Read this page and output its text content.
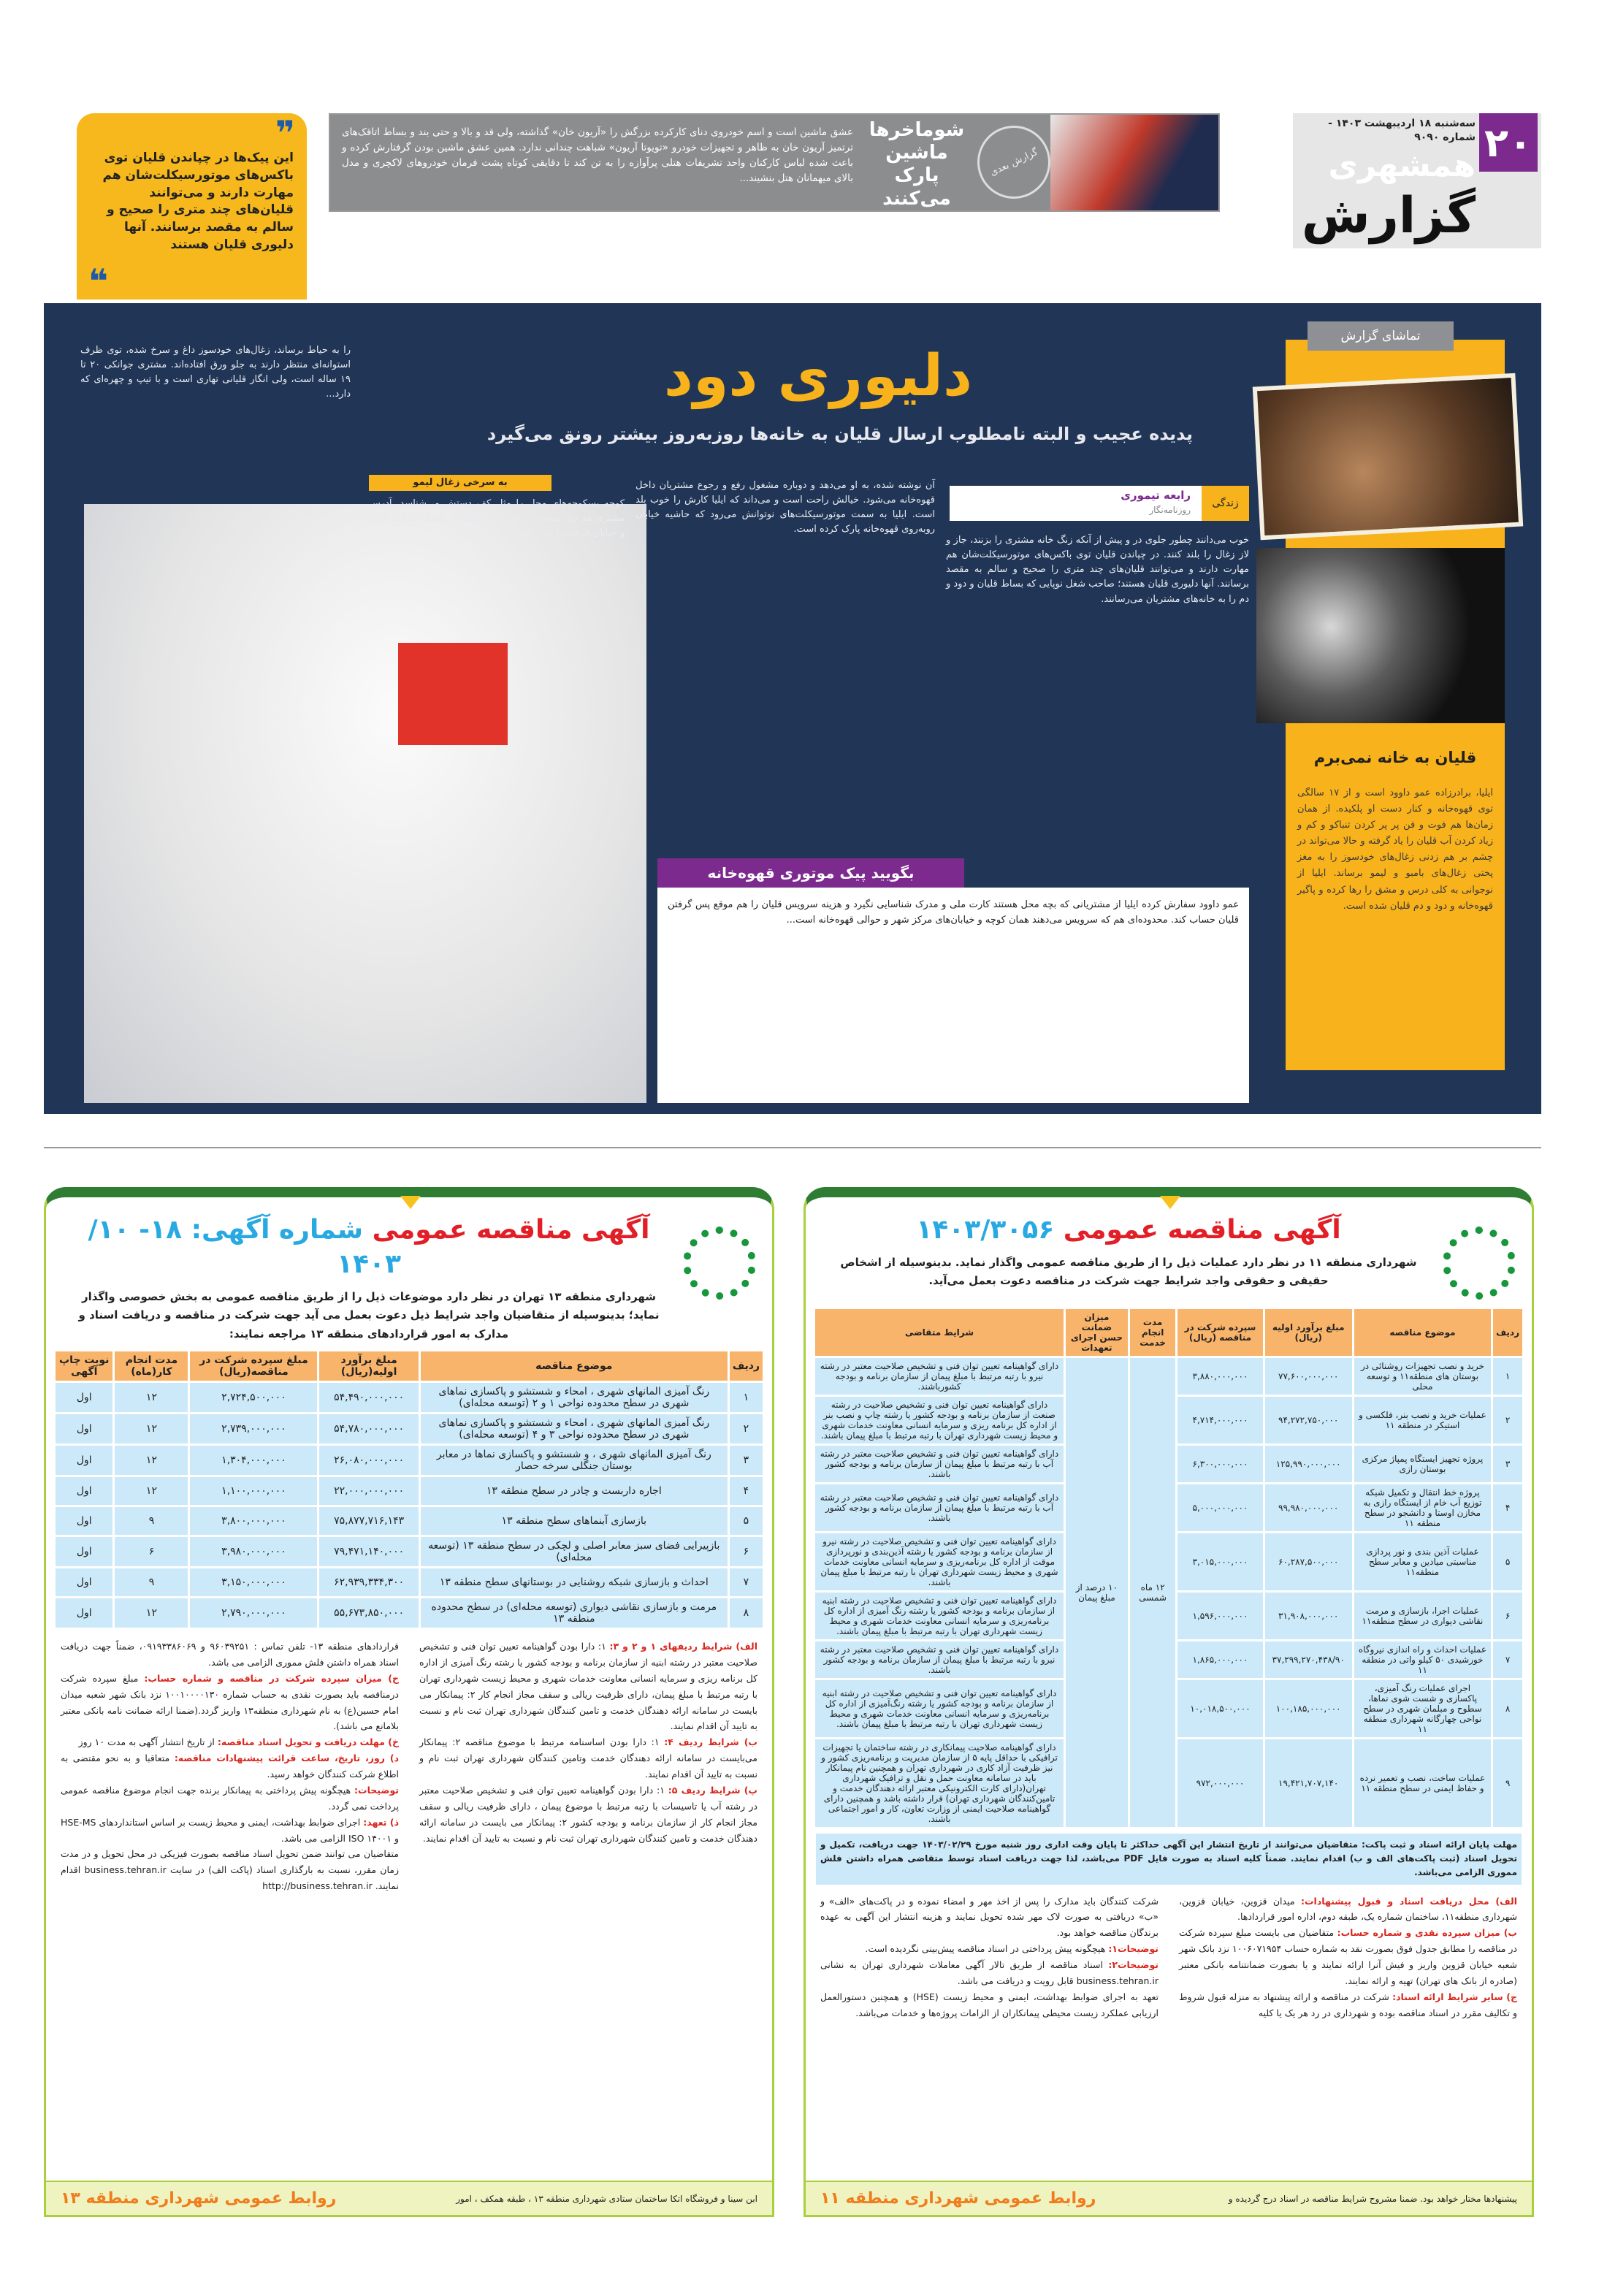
گزارش بعدی
شوماخرها ماشین پارک می‌کنند

عشق ماشین است و اسم خودروی دنای کارکرده بزرگش را «آریون خان» گذاشته، ولی قد و بالا و حتی بند و بساط اتاقک‌های ترتمیز آریون خان به ظاهر و تجهیزات خودرو «تویوتا آریون» شباهت چندانی ندارد. همین عشق ماشین بودن گرفتارش کرده و باعث شده لباس کارکنان واحد تشریفات هتلی پرآوازه را به تن کند تا دقایقی کوتاه پشت فرمان خودروهای لاکچری و مدل بالای میهمانان هتل بنشیند...

۲۰
سه‌شنبه ۱۸ اردیبهشت ۱۴۰۳ - شماره ۹۰۹۰
همشهری
گزارش
❞

این پیک‌ها در چپاندن قلیان توی باکس‌های موتورسیکلت‌شان هم مهارت دارند و می‌توانند قلیان‌های چند متری را صحیح و سالم به مقصد برسانند. آنها دلیوری قلیان هستند

❝
دلیوری دود
پدیده عجیب و البته نامطلوب ارسال قلیان به خانه‌ها روزبه‌روز بیشتر رونق می‌گیرد
قلیان به خانه نمی‌برم

ایلیا، برادرزاده عمو داوود است و از ۱۷ سالگی توی قهوه‌خانه و کنار دست او پلکیده. از همان زمان‌ها هم فوت و فن پر پر کردن تنباکو و کم و زیاد کردن آب قلیان را یاد گرفته و حالا می‌تواند در چشم بر هم زدنی زغال‌های خودسوز را به مغز پختی زغال‌های بامبو و لیمو برساند. ایلیا از نوجوانی به کلی درس و مشق را رها کرده و پاگیر قهوه‌خانه و دود و دم قلیان شده است.

تماشای گزارش
زندگی
رابعه تیموری
روزنامه‌نگار
خوب می‌دانند چطور جلوی در و پیش از آنکه زنگ خانه مشتری را بزنند، جاز و لاز زغال را بلند کنند. در چپاندن قلیان توی باکس‌های موتورسیکلت‌شان هم مهارت دارند و می‌توانند قلیان‌های چند متری را صحیح و سالم به مقصد برسانند. آنها دلیوری قلیان هستند؛ صاحب شغل نوپایی که بساط قلیان و دود و دم را به خانه‌های مشتریان می‌رسانند.
آن نوشته شده، به او می‌دهد و دوباره مشغول رفع و رجوع مشتریان داخل قهوه‌خانه می‌شود. خیالش راحت است و می‌داند که ایلیا کارش را خوب بلد است. ایلیا به سمت موتورسیکلت‌های نوتوانش می‌رود که حاشیه خیابان روبه‌روی قهوه‌خانه پارک کرده است.
به سرخی زغال لیمو
کوچه پسکوچه‌های محل را مثل کف دستش می‌شناسد. آدرس مشتری هم دور نیست و برای تحویل سفارش فقط باید چند کوچه و خیابان فرعی را طی کند.
را به حیاط برساند، زغال‌های خودسوز داغ و سرخ شده، توی ظرف استوانه‌ای منتظر دارند به جلو ورق افتاده‌اند. مشتری جوانکی ۲۰ تا ۱۹ ساله است، ولی انگار قلیانی تهاری است و با تیپ و چهره‌ای که دارد...
بگویید پیک موتوری قهوه‌خانه
عمو داوود سفارش کرده ایلیا از مشتریانی که بچه محل هستند کارت ملی و مدرک شناسایی نگیرد و هزینه سرویس قلیان را هم موقع پس گرفتن قلیان حساب کند. محدوده‌ای هم که سرویس می‌دهند همان کوچه و خیابان‌های مرکز شهر و حوالی قهوه‌خانه است...
آگهی مناقصه عمومی شماره آگهی: ۱۸- ۱۰/ ۱۴۰۳
شهرداری منطقه ۱۳ تهران در نظر دارد موضوعات ذیل را از طریق مناقصه عمومی به بخش خصوصی واگذار نماید؛ بدینوسیله از متقاضیان واجد شرایط ذیل دعوت بعمل می آید جهت شرکت در مناقصه و دریافت اسناد و مدارک به امور قراردادهای منطقه ۱۳ مراجعه نمایند:
ردیف	موضوع مناقصه	مبلغ برآورد اولیه(ریال)	مبلغ سپرده شرکت در مناقصه(ریال)	مدت انجام کار(ماه)	نوبت چاپ آگهی
۱	رنگ آمیزی المانهای شهری ، امحاء و شستشو و پاکسازی نماهای شهری در سطح محدوده نواحی ۱ و ۲ (توسعه محله‌ای)	۵۴,۴۹۰,۰۰۰,۰۰۰	۲,۷۲۴,۵۰۰,۰۰۰	۱۲	اول
۲	رنگ آمیزی المانهای شهری ، امحاء و شستشو و پاکسازی نماهای شهری در سطح محدوده نواحی ۳ و ۴ (توسعه محله‌ای)	۵۴,۷۸۰,۰۰۰,۰۰۰	۲,۷۳۹,۰۰۰,۰۰۰	۱۲	اول
۳	رنگ آمیزی المانهای شهری ، و شستشو و پاکسازی نماها در معابر بوستان جنگلی سرخه حصار	۲۶,۰۸۰,۰۰۰,۰۰۰	۱,۳۰۴,۰۰۰,۰۰۰	۱۲	اول
۴	اجاره داربست و چادر در سطح منطقه ۱۳	۲۲,۰۰۰,۰۰۰,۰۰۰	۱,۱۰۰,۰۰۰,۰۰۰	۱۲	اول
۵	بازسازی آبنماهای سطح منطقه ۱۳	۷۵,۸۷۷,۷۱۶,۱۴۳	۳,۸۰۰,۰۰۰,۰۰۰	۹	اول
۶	بازپیرایی فضای سبز معابر اصلی و لچکی در سطح منطقه ۱۳ (توسعه محله‌ای)	۷۹,۴۷۱,۱۴۰,۰۰۰	۳,۹۸۰,۰۰۰,۰۰۰	۶	اول
۷	احداث و بازسازی شبکه روشنایی در بوستانهای سطح منطقه ۱۳	۶۲,۹۳۹,۳۳۴,۳۰۰	۳,۱۵۰,۰۰۰,۰۰۰	۹	اول
۸	مرمت و بازسازی نقاشی دیواری (توسعه محله‌ای) در سطح محدوده منطقه ۱۳	۵۵,۶۷۳,۸۵۰,۰۰۰	۲,۷۹۰,۰۰۰,۰۰۰	۱۲	اول

الف) شرایط ردیفهای ۱ و ۲ و ۳: ۱: دارا بودن گواهینامه تعیین توان فنی و تشخیص صلاحیت معتبر در رشته ابنیه از سازمان برنامه و بودجه کشور یا رشته رنگ آمیزی از اداره کل برنامه ریزی و سرمایه انسانی معاونت خدمات شهری و محیط زیست شهرداری تهران با رتبه مرتبط با مبلغ پیمان، دارای ظرفیت ریالی و سقف مجاز انجام کار ۲: پیمانکار می بایست در سامانه ارائه دهندگان خدمت و تامین کنندگان شهرداری تهران ثبت نام و نسبت به تایید آن اقدام نمایند.

ب) شرایط ردیف ۴: ۱: دارا بودن اساسنامه مرتبط با موضوع مناقصه ۲: پیمانکار می‌بایست در سامانه ارائه دهندگان خدمت وتامین کنندگان شهرداری تهران ثبت نام و نسبت به تایید آن اقدام نمایند.

پ) شرایط ردیف ۵: ۱: دارا بودن گواهینامه تعیین توان فنی و تشخیص صلاحیت معتبر در رشته آب یا تاسیسات با رتبه مرتبط با موضوع پیمان ، دارای ظرفیت ریالی و سقف مجاز انجام کار از سازمان برنامه و بودجه کشور ۲: پیمانکار می بایست در سامانه ارائه دهندگان خدمت و تامین کنندگان شهرداری تهران ثبت نام و نسبت به تایید آن اقدام نمایند.

قراردادهای منطقه ۱۳- تلفن تماس : ۹۶۰۳۹۲۵۱ و ۰۹۱۹۳۳۸۶۰۶۹، ضمناً جهت دریافت اسناد همراه داشتن فلش مموری الزامی می باشد.

ح) میزان سپرده شرکت در مناقصه و شماره حساب: مبلغ سپرده شرکت درمناقصه باید بصورت نقدی به حساب شماره ۱۰۰۱۰۰۰۰۱۳۰ نزد بانک شهر شعبه میدان امام حسین(ع) به نام شهرداری منطقه۱۳ واریز گردد.(ضمنا ارائه ضمانت نامه بانکی معتبر بلامانع می باشد).

خ) مهلت دریافت و تحویل اسناد مناقصه: از تاریخ انتشار آگهی به مدت ۱۰ روز

د) روز، تاریخ، ساعت قرائت پیشنهادات مناقصه: متعاقبا و به نحو مقتضی به اطلاع شرکت کنندگان خواهد رسید.

توضیحات: هیچگونه پیش پرداختی به پیمانکار برنده جهت انجام موضوع مناقصه عمومی پرداخت نمی گردد.

ذ) تعهد: اجرای ضوابط بهداشت، ایمنی و محیط زیست بر اساس استانداردهای HSE-MS و ISO ۱۴۰۰۱ الزامی می باشد.

متقاضیان می توانند ضمن تحویل اسناد مناقصه بصورت فیزیکی در محل تحویل و در مدت زمان مقرر، نسبت به بارگذاری اسناد (پاکت الف) در سایت business.tehran.ir اقدام نمایند. http://business.tehran.ir

ابن سینا و فروشگاه اتکا ساختمان ستادی شهرداری منطقه ۱۳ ، طبقه همکف ، امور
روابط عمومی شهرداری منطقه ۱۳
آگهی مناقصه عمومی ۱۴۰۳/۳۰۵۶
شهرداری منطقه ۱۱ در نظر دارد عملیات ذیل را از طریق مناقصه عمومی واگذار نماید. بدینوسیله از اشخاص حقیقی و حقوقی واجد شرایط جهت شرکت در مناقصه دعوت بعمل می‌آید.
ردیف	موضوع مناقصه	مبلغ برآورد اولیه (ریال)	سپرده شرکت در مناقصه (ریال)	مدت انجام خدمت	میزان ضمانت حسن اجرای تعهدات	شرایط متقاضی
۱	خرید و نصب تجهیزات روشنائی در بوستان های منطقه۱۱ و توسعه محلی	۷۷,۶۰۰,۰۰۰,۰۰۰	۳,۸۸۰,۰۰۰,۰۰۰	۱۲ ماه شمسی	۱۰ درصد از مبلغ پیمان	دارای گواهینامه تعیین توان فنی و تشخیص صلاحیت معتبر در رشته نیرو با رتبه مرتبط با مبلغ پیمان از سازمان برنامه و بودجه کشورباشند.
۲	عملیات خرید و نصب بنر، فلکسی و استیکر در منطقه ۱۱	۹۴,۲۷۲,۷۵۰,۰۰۰	۴,۷۱۴,۰۰۰,۰۰۰			دارای گواهینامه تعیین توان فنی و تشخیص صلاحیت در رشته صنعت از سازمان برنامه و بودجه کشور یا رشته چاپ و نصب بنر از اداره کل برنامه ریزی و سرمایه انسانی معاونت خدمات شهری و محیط زیست شهرداری تهران با رتبه مرتبط با مبلغ پیمان باشند.
۳	پروژه تجهیز ایستگاه پمپاژ مرکزی بوستان رازی	۱۲۵,۹۹۰,۰۰۰,۰۰۰	۶,۳۰۰,۰۰۰,۰۰۰			دارای گواهینامه تعیین توان فنی و تشخیص صلاحیت معتبر در رشته آب با رتبه مرتبط با مبلغ پیمان از سازمان برنامه و بودجه کشور باشند.
۴	پروژه خط انتقال و تکمیل شبکه توزیع آب خام از ایستگاه رازی به مخازن اوستا و دانشجو در سطح منطقه ۱۱	۹۹,۹۸۰,۰۰۰,۰۰۰	۵,۰۰۰,۰۰۰,۰۰۰			دارای گواهینامه تعیین توان فنی و تشخیص صلاحیت معتبر در رشته آب با رتبه مرتبط با مبلغ پیمان از سازمان برنامه و بودجه کشور باشند.
۵	عملیات آذین بندی و نور پردازی مناسبتی میادین و معابر سطح منطقه۱۱	۶۰,۲۸۷,۵۰۰,۰۰۰	۳,۰۱۵,۰۰۰,۰۰۰			دارای گواهینامه تعیین توان فنی و تشخیص صلاحیت در رشته نیرو از سازمان برنامه و بودجه کشور یا رشته آذین‌بندی و نورپردازی موقت از اداره کل برنامه‌ریزی و سرمایه انسانی معاونت خدمات شهری و محیط زیست شهرداری تهران با رتبه مرتبط با مبلغ پیمان باشند.
۶	عملیات اجرا، بازسازی و مرمت نقاشی دیواری در سطح منطقه۱۱	۳۱,۹۰۸,۰۰۰,۰۰۰	۱,۵۹۶,۰۰۰,۰۰۰			دارای گواهینامه تعیین توان فنی و تشخیص صلاحیت در رشته ابنیه از سازمان برنامه و بودجه کشور یا رشته رنگ آمیزی از اداره کل برنامه‌ریزی و سرمایه انسانی معاونت خدمات شهری و محیط زیست شهرداری تهران با رتبه مرتبط با مبلغ پیمان باشند.
۷	عملیات احداث و راه اندازی نیروگاه خورشیدی ۵۰ کیلو واتی در منطقه ۱۱	۳۷,۲۹۹,۲۷۰,۴۳۸/۹۰	۱,۸۶۵,۰۰۰,۰۰۰			دارای گواهینامه تعیین توان فنی و تشخیص صلاحیت معتبر در رشته نیرو با رتبه مرتبط با مبلغ پیمان از سازمان برنامه و بودجه کشور باشند.
۸	اجرای عملیات رنگ آمیزی، پاکسازی و شست شوی نماها، سطوح و مبلمان شهری در سطح نواحی چهارگانه شهرداری منطقه ۱۱	۱۰۰,۱۸۵,۰۰۰,۰۰۰	۱۰,۰۱۸,۵۰۰,۰۰۰			دارای گواهینامه تعیین توان فنی و تشخیص صلاحیت در رشته ابنیه از سازمان برنامه و بودجه کشور یا رشته رنگ‌آمیزی از اداره کل برنامه‌ریزی و سرمایه انسانی معاونت خدمات شهری و محیط زیست شهرداری تهران با رتبه مرتبط با مبلغ پیمان باشند.
۹	عملیات ساخت، نصب و تعمیر نرده و حفاظ ایمنی در سطح منطقه ۱۱	۱۹,۴۲۱,۷۰۷,۱۴۰	۹۷۲,۰۰۰,۰۰۰			دارای گواهینامه صلاحیت پیمانکاری در رشته ساختمان یا تجهیزات ترافیکی با حداقل پایه ۵ از سازمان مدیریت و برنامه‌ریزی کشور و نیز ظرفیت آزاد کاری در شهرداری تهران و همچنین نام پیمانکار باید در سامانه معاونت حمل و نقل و ترافیک شهرداری تهران(دارای کارت الکترونیکی معتبر ارائه دهندگان خدمت و تامین‌کنندگان شهرداری تهران) قرار داشته باشد و همچنین دارای گواهینامه صلاحیت ایمنی از وزارت تعاون، کار و امور اجتماعی باشند.
مهلت پایان ارائه اسناد و ثبت پاکت: متقاضیان می‌توانند از تاریخ انتشار این آگهی حداکثر تا پایان وقت اداری روز شنبه مورخ ۱۴۰۳/۰۲/۲۹ جهت دریافت، تکمیل و تحویل اسناد (ثبت پاکت‌های الف و ب) اقدام نمایند. ضمناً کلیه اسناد به صورت فایل PDF می‌باشد، لذا جهت دریافت اسناد توسط متقاضی همراه داشتن فلش مموری الزامی می‌باشد.

الف) محل دریافت اسناد و قبول پیشنهادات: میدان قزوین، خیابان قزوین، شهرداری منطقه۱۱، ساختمان شماره یک، طبقه دوم، اداره امور قراردادها.

ب) میزان سپرده نقدی و شماره حساب: متقاضیان می بایست مبلغ سپرده شرکت در مناقصه را مطابق جدول فوق بصورت نقد به شماره حساب ۱۰۰۶۰۷۱۹۵۴ نزد بانک شهر شعبه خیابان قزوین واریز و فیش آنرا ارائه نمایند و یا بصورت ضمانتنامه بانکی معتبر (صادره از بانک های تهران) تهیه و ارائه نمایند.

ج) سایر شرایط ارائه اسناد: شرکت در مناقصه و ارائه پیشنهاد به منزله قبول شروط و تکالیف مقرر در اسناد مناقصه بوده و شهرداری در رد هر یک یا کلیه

شرکت کنندگان باید مدارک را پس از اخذ مهر و امضاء نموده و در پاکت‌های «الف» و «ب» دریافتی به صورت لاک مهر شده تحویل نمایند و هزینه انتشار این آگهی به عهده برندگان مناقصه خواهد بود.

توضیحات۱: هیچگونه پیش پرداختی در اسناد مناقصه پیش‌بینی نگردیده است.

توضیحات۲: اسناد مناقصه از طریق تالار آگهی معاملات شهرداری تهران به نشانی business.tehran.ir قابل رویت و دریافت می باشد.

تعهد به اجرای ضوابط بهداشت، ایمنی و محیط زیست (HSE) و همچنین دستورالعمل ارزیابی عملکرد زیست محیطی پیمانکاران از الزامات پروژه‌ها و خدمات می‌باشد.

پیشنهادها مختار خواهد بود. ضمنا مشروح شرایط مناقصه در اسناد درج گردیده و
روابط عمومی شهرداری منطقه ۱۱
